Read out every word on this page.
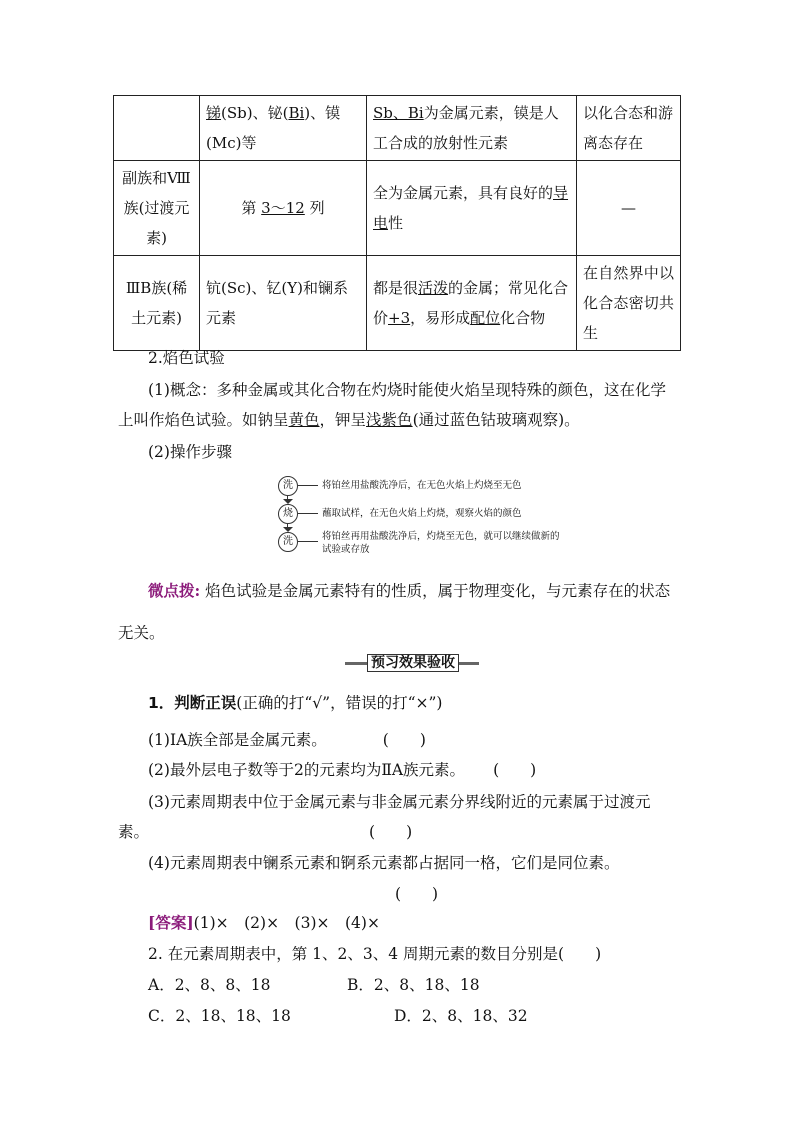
	锑(Sb)、铋(Bi)、镆(Mc)等	Sb、Bi为金属元素，镆是人工合成的放射性元素	以化合态和游离态存在
副族和Ⅷ族(过渡元素)	第 3～12 列	全为金属元素，具有良好的导电性	—
ⅢB族(稀土元素)	钪(Sc)、钇(Y)和镧系元素	都是很活泼的金属；常见化合价+3，易形成配位化合物	在自然界中以化合态密切共生
2.焰色试验
(1)概念：多种金属或其化合物在灼烧时能使火焰呈现特殊的颜色，这在化学上叫作焰色试验。如钠呈黄色，钾呈浅紫色(通过蓝色钴玻璃观察)。
(2)操作步骤
洗	将铂丝用盐酸洗净后，在无色火焰上灼烧至无色
烧	蘸取试样，在无色火焰上灼烧，观察火焰的颜色
洗	将铂丝再用盐酸洗净后，灼烧至无色，就可以继续做新的试验或存放
微点拨: 焰色试验是金属元素特有的性质，属于物理变化，与元素存在的状态无关。
预习效果验收
1．判断正误(正确的打“√”，错误的打“×”)
(1)ⅠA族全部是金属元素。	(　　)
(2)最外层电子数等于2的元素均为ⅡA族元素。 (　　)
(3)元素周期表中位于金属元素与非金属元素分界线附近的元素属于过渡元素。	(　　)
(4)元素周期表中镧系元素和锕系元素都占据同一格，它们是同位素。
(　　)
[答案](1)×　(2)×　(3)×　(4)×
2. 在元素周期表中，第 1、2、3、4 周期元素的数目分别是(　　)
A．2、8、8、18	B．2、8、18、18
C．2、18、18、18	D．2、8、18、32
